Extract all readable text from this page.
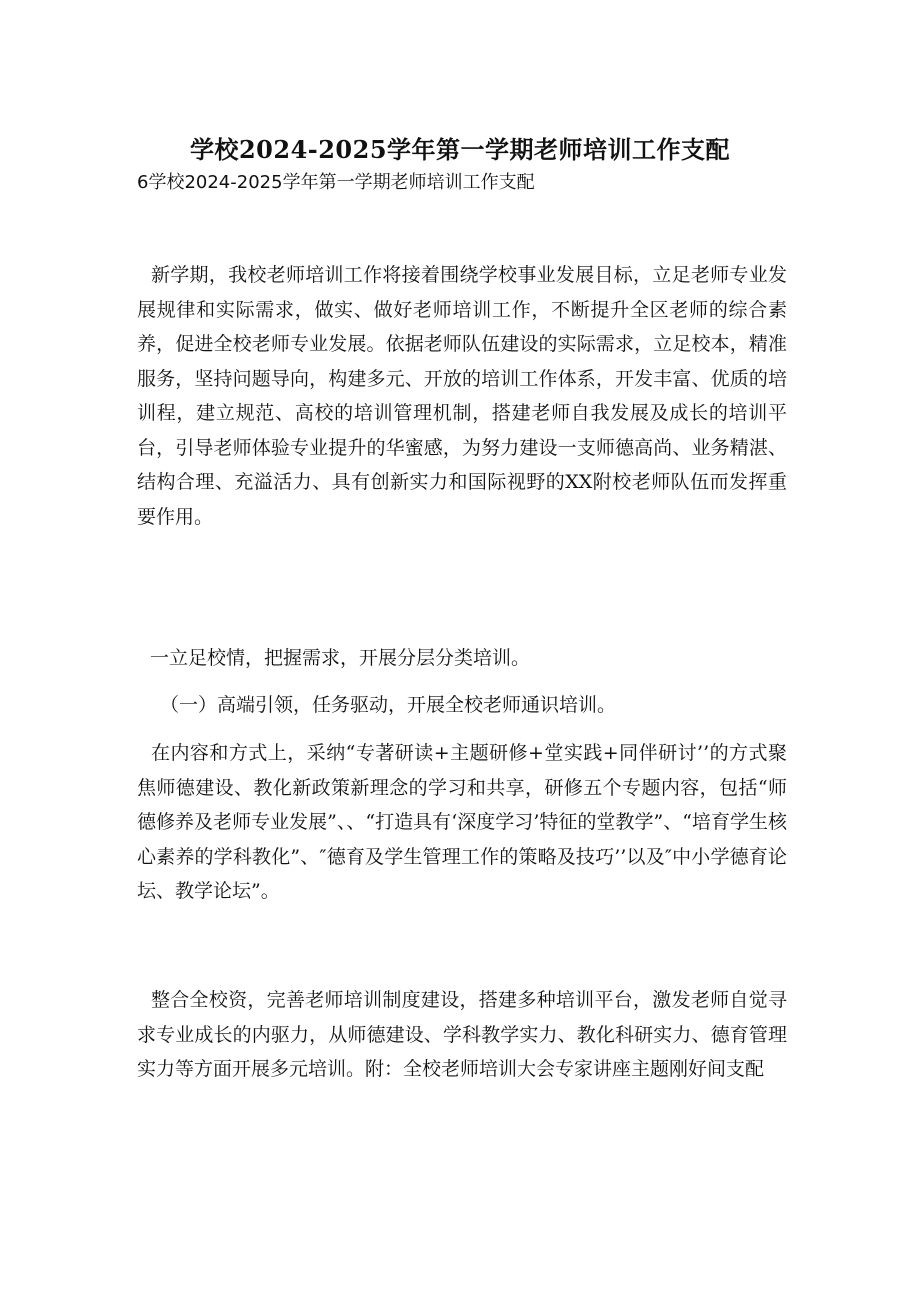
学校2024-2025学年第一学期老师培训工作支配
6学校2024-2025学年第一学期老师培训工作支配

新学期，我校老师培训工作将接着围绕学校事业发展目标，立足老师专业发展规律和实际需求，做实、做好老师培训工作，不断提升全区老师的综合素养，促进全校老师专业发展。依据老师队伍建设的实际需求，立足校本，精准服务，坚持问题导向，构建多元、开放的培训工作体系，开发丰富、优质的培训程，建立规范、高校的培训管理机制，搭建老师自我发展及成长的培训平台，引导老师体验专业提升的华蜜感，为努力建设一支师德高尚、业务精湛、结构合理、充溢活力、具有创新实力和国际视野的XX附校老师队伍而发挥重要作用。

一立足校情，把握需求，开展分层分类培训。

（一）高端引领，任务驱动，开展全校老师通识培训。

在内容和方式上，采纳“专著研读+主题研修+堂实践+同伴研讨’’的方式聚焦师德建设、教化新政策新理念的学习和共享，研修五个专题内容，包括“师德修养及老师专业发展”、、“打造具有‘深度学习’特征的堂教学”、“培育学生核心素养的学科教化”、″德育及学生管理工作的策略及技巧’’以及″中小学德育论坛、教学论坛”。

整合全校资，完善老师培训制度建设，搭建多种培训平台，激发老师自觉寻求专业成长的内驱力，从师德建设、学科教学实力、教化科研实力、德育管理实力等方面开展多元培训。附：全校老师培训大会专家讲座主题刚好间支配
